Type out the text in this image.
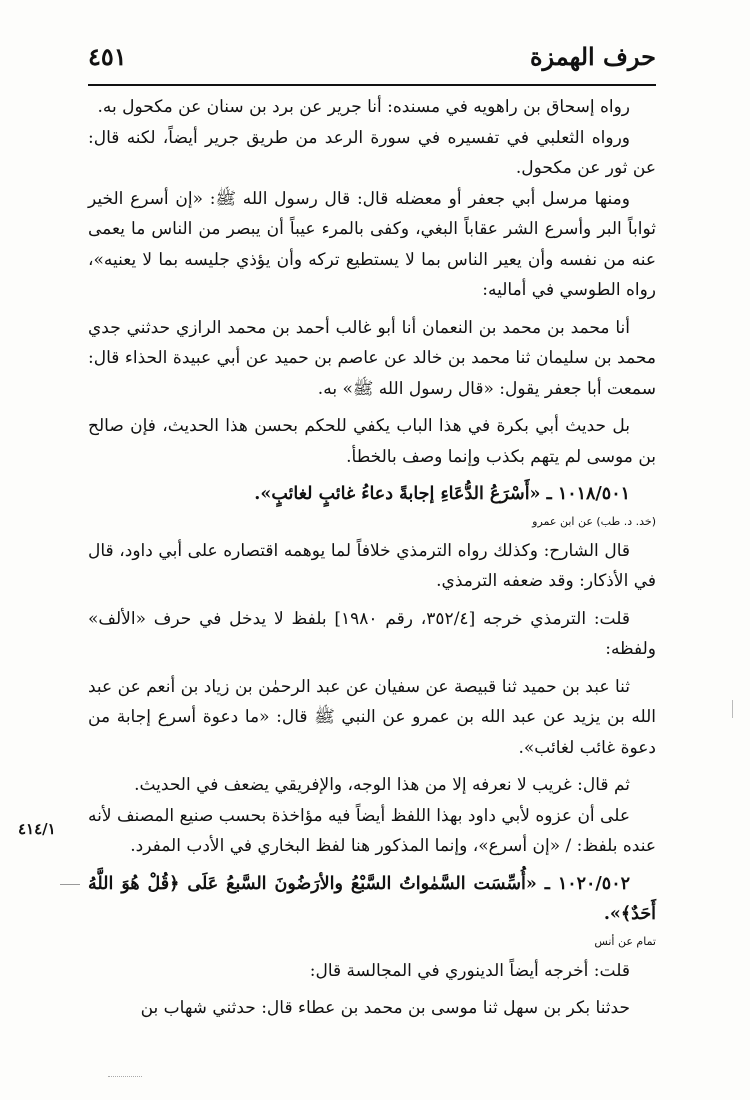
حرف الهمزة
٤٥١

رواه إسحاق بن راهويه في مسنده: أنا جرير عن برد بن سنان عن مكحول به.

ورواه الثعلبي في تفسيره في سورة الرعد من طريق جرير أيضاً، لكنه قال: عن ثور عن مكحول.

ومنها مرسل أبي جعفر أو معضله قال: قال رسول الله ﷺ: «إن أسرع الخير ثواباً البر وأسرع الشر عقاباً البغي، وكفى بالمرء عيباً أن يبصر من الناس ما يعمى عنه من نفسه وأن يعير الناس بما لا يستطيع تركه وأن يؤذي جليسه بما لا يعنيه»، رواه الطوسي في أماليه:

أنا محمد بن محمد بن النعمان أنا أبو غالب أحمد بن محمد الرازي حدثني جدي محمد بن سليمان ثنا محمد بن خالد عن عاصم بن حميد عن أبي عبيدة الحذاء قال: سمعت أبا جعفر يقول: «قال رسول الله ﷺ» به.

بل حديث أبي بكرة في هذا الباب يكفي للحكم بحسن هذا الحديث، فإن صالح بن موسى لم يتهم بكذب وإنما وصف بالخطأ.

١٠١٨/٥٠١ ـ «أَسْرَعُ الدُّعَاءِ إجابةً دعاءُ غائبٍ لغائبٍ».

(خد. د. طب) عن ابن عمرو

قال الشارح: وكذلك رواه الترمذي خلافاً لما يوهمه اقتصاره على أبي داود، قال في الأذكار: وقد ضعفه الترمذي.

قلت: الترمذي خرجه [٣٥٢/٤، رقم ١٩٨٠] بلفظ لا يدخل في حرف «الألف» ولفظه:

ثنا عبد بن حميد ثنا قبيصة عن سفيان عن عبد الرحمٰن بن زياد بن أنعم عن عبد الله بن يزيد عن عبد الله بن عمرو عن النبي ﷺ قال: «ما دعوة أسرع إجابة من دعوة غائب لغائب».

ثم قال: غريب لا نعرفه إلا من هذا الوجه، والإفريقي يضعف في الحديث.

على أن عزوه لأبي داود بهذا اللفظ أيضاً فيه مؤاخذة بحسب صنيع المصنف لأنه عنده بلفظ: / «إن أسرع»، وإنما المذكور هنا لفظ البخاري في الأدب المفرد.

١٠٢٠/٥٠٢ ـ «أُسِّسَت السَّمٰواتُ السَّبْعُ والأرَضُونَ السَّبعُ عَلَى ﴿قُلْ هُوَ اللَّهُ أَحَدٌ﴾».

تمام عن أنس

قلت: أخرجه أيضاً الدينوري في المجالسة قال:

حدثنا بكر بن سهل ثنا موسى بن محمد بن عطاء قال: حدثني شهاب بن

٤١٤/١
